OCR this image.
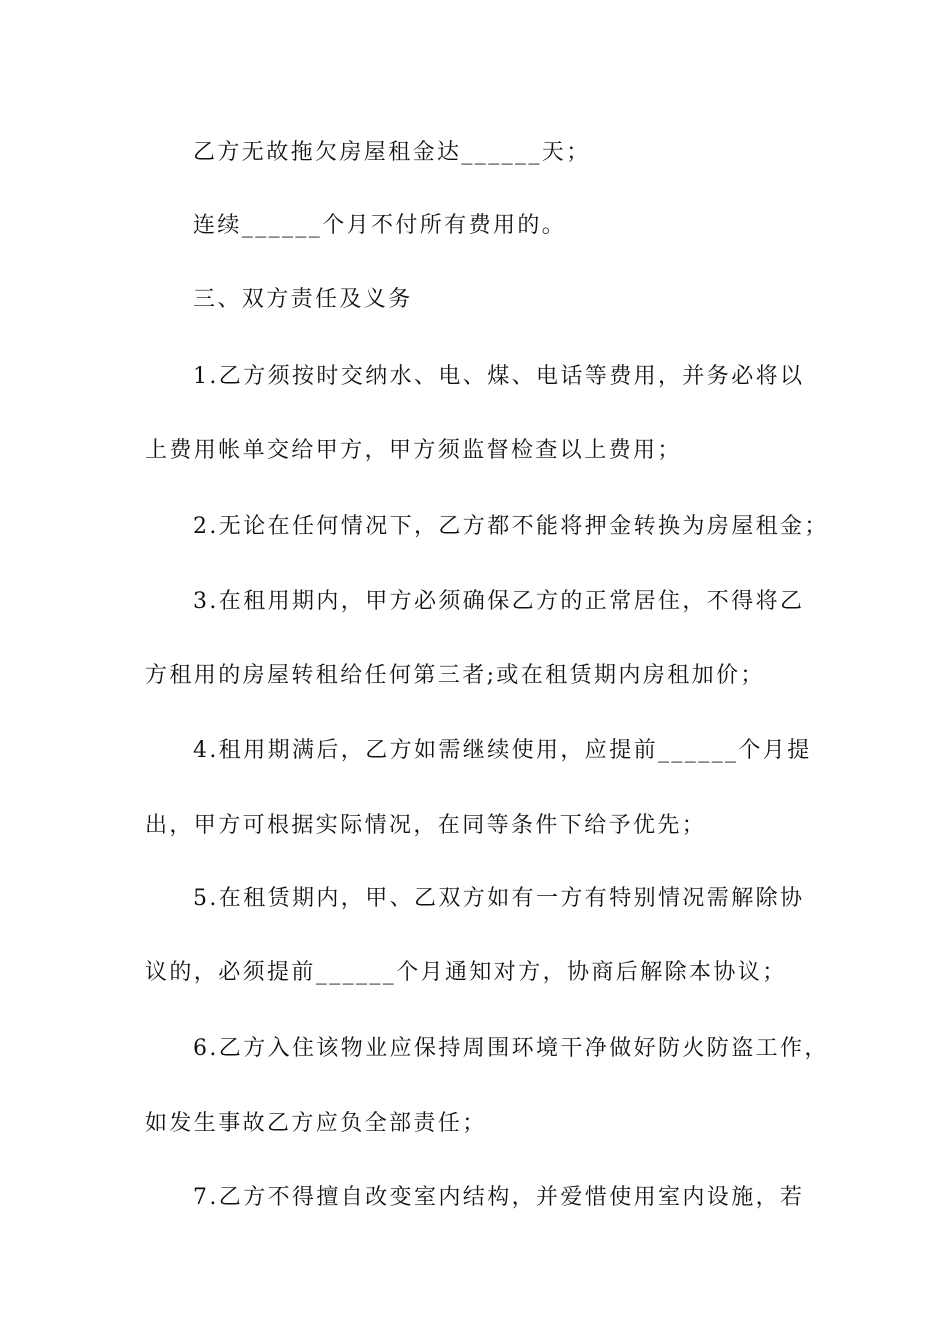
乙方无故拖欠房屋租金达______天；
连续______个月不付所有费用的。
三、双方责任及义务
1.乙方须按时交纳水、电、煤、电话等费用，并务必将以
上费用帐单交给甲方，甲方须监督检查以上费用；
2.无论在任何情况下，乙方都不能将押金转换为房屋租金；
3.在租用期内，甲方必须确保乙方的正常居住，不得将乙
方租用的房屋转租给任何第三者;或在租赁期内房租加价；
4.租用期满后，乙方如需继续使用，应提前______个月提
出，甲方可根据实际情况，在同等条件下给予优先；
5.在租赁期内，甲、乙双方如有一方有特别情况需解除协
议的，必须提前______个月通知对方，协商后解除本协议；
6.乙方入住该物业应保持周围环境干净做好防火防盗工作，
如发生事故乙方应负全部责任；
7.乙方不得擅自改变室内结构，并爱惜使用室内设施，若
